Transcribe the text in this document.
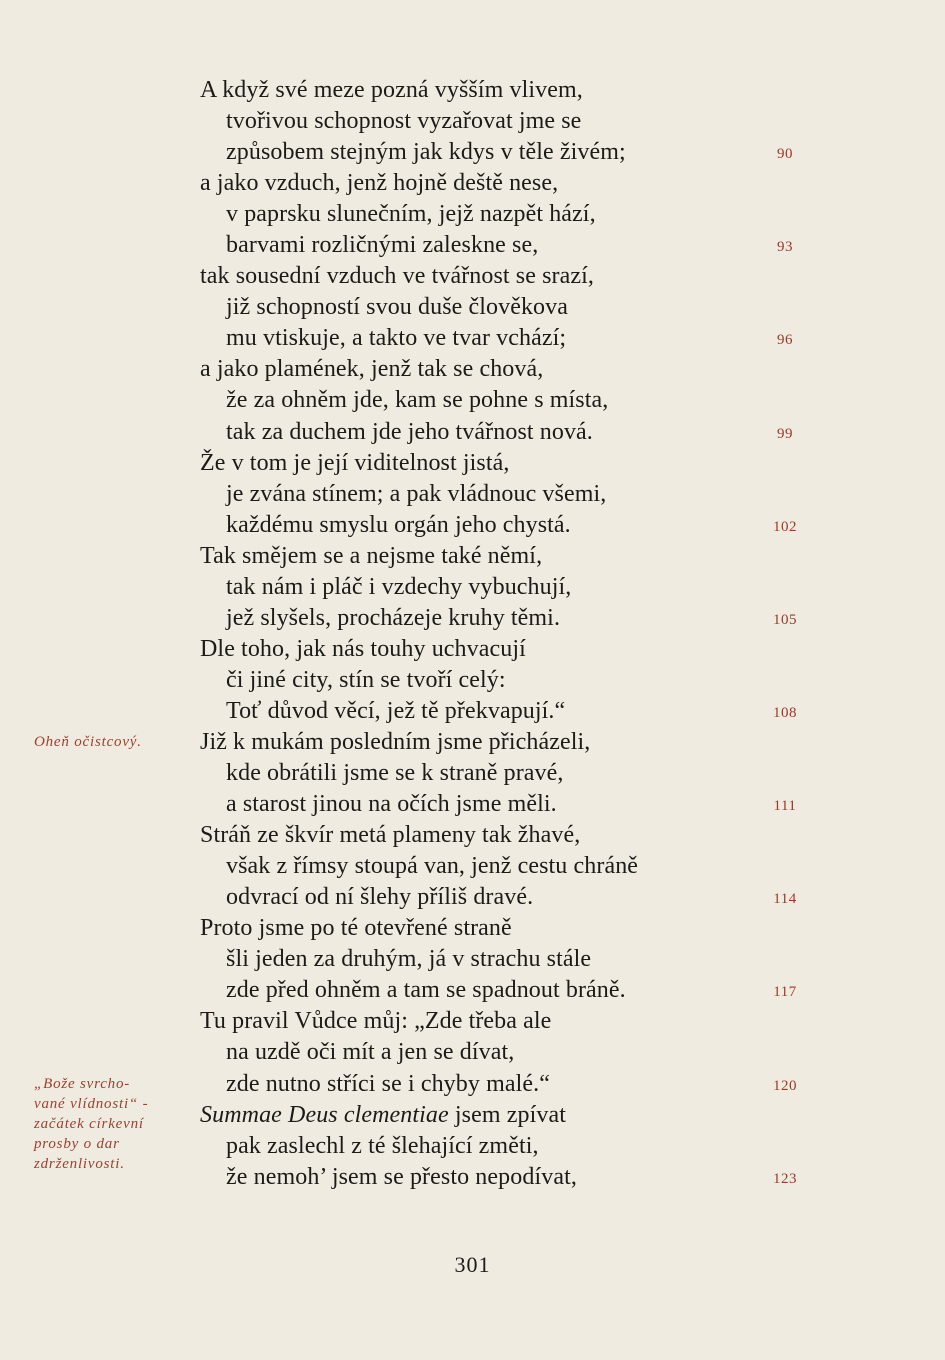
A když své meze pozná vyšším vlivem,
tvořivou schopnost vyzařovat jme se
způsobem stejným jak kdys v těle živém;
a jako vzduch, jenž hojně deště nese,
v paprsku slunečním, jejž nazpět hází,
barvami rozličnými zaleskne se,
tak sousední vzduch ve tvářnost se srazí,
již schopností svou duše člověkova
mu vtiskuje, a takto ve tvar vchází;
a jako plamének, jenž tak se chová,
že za ohněm jde, kam se pohne s místa,
tak za duchem jde jeho tvářnost nová.
Že v tom je její viditelnost jistá,
je zvána stínem; a pak vládnouc všemi,
každému smyslu orgán jeho chystá.
Tak smějem se a nejsme také němí,
tak nám i pláč i vzdechy vybuchují,
jež slyšels, procházeje kruhy těmi.
Dle toho, jak nás touhy uchvacují
či jiné city, stín se tvoří celý:
Toť důvod věcí, jež tě překvapují.“
Již k mukám posledním jsme přicházeli,
kde obrátili jsme se k straně pravé,
a starost jinou na očích jsme měli.
Stráň ze škvír metá plameny tak žhavé,
však z římsy stoupá van, jenž cestu chráně
odvrací od ní šlehy příliš dravé.
Proto jsme po té otevřené straně
šli jeden za druhým, já v strachu stále
zde před ohněm a tam se spadnout bráně.
Tu pravil Vůdce můj: „Zde třeba ale
na uzdě oči mít a jen se dívat,
zde nutno stříci se i chyby malé.“
Summae Deus clementiae jsem zpívat
pak zaslechl z té šlehající změti,
že nemoh’ jsem se přesto nepodívat,
90
93
96
99
102
105
108
111
114
117
120
123
Oheň očistcový.
„Bože svrcho-
vané vlídnosti“ -
začátek církevní
prosby o dar
zdrženlivosti.
301
